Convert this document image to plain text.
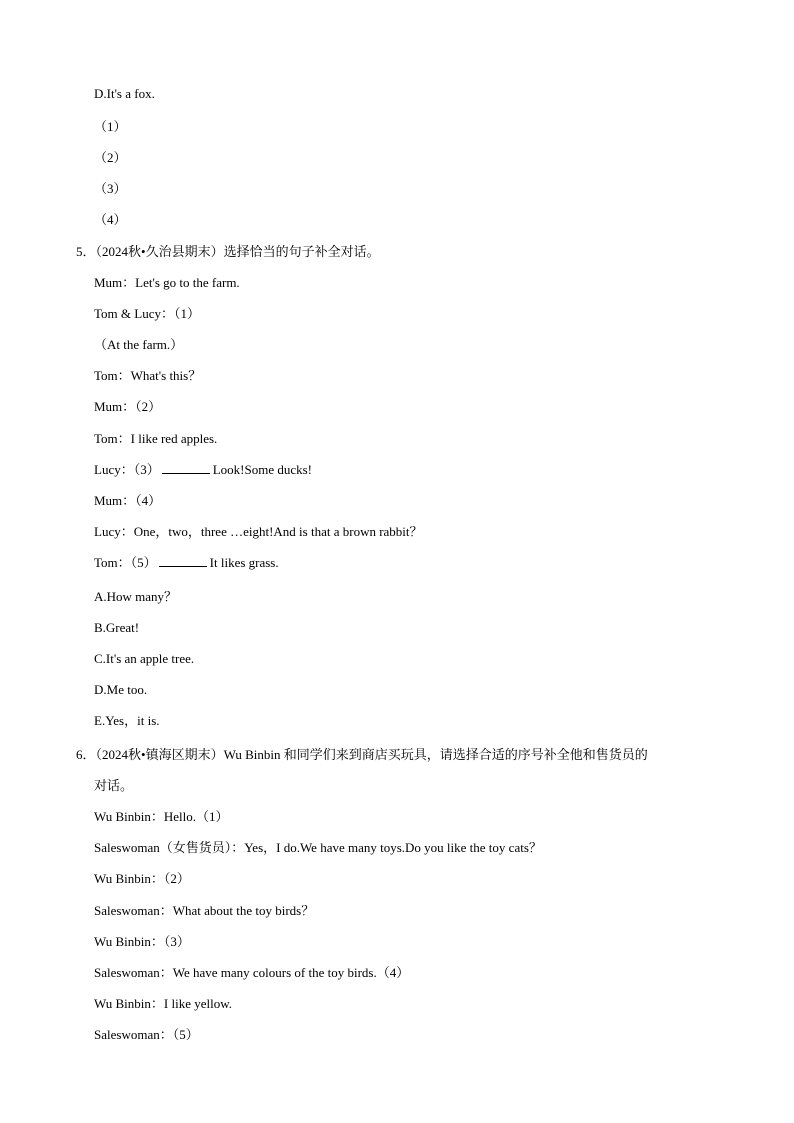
D.It's a fox.
（1）
（2）
（3）
（4）
5．（2024秋•久治县期末）选择恰当的句子补全对话。
Mum：Let's go to the farm.
Tom & Lucy：（1）
（At the farm.）
Tom：What's this？
Mum：（2）
Tom：I like red apples.
Lucy：（3）	Look!Some ducks!
Mum：（4）
Lucy：One，two，three …eight!And is that a brown rabbit？
Tom：（5）	It likes grass.
A.How many？
B.Great!
C.It's an apple tree.
D.Me too.
E.Yes，it is.
6．（2024秋•镇海区期末）Wu Binbin 和同学们来到商店买玩具，请选择合适的序号补全他和售货员的
对话。
Wu Binbin：Hello.（1）
Saleswoman（女售货员）：Yes，I do.We have many toys.Do you like the toy cats？
Wu Binbin：（2）
Saleswoman：What about the toy birds？
Wu Binbin：（3）
Saleswoman：We have many colours of the toy birds.（4）
Wu Binbin：I like yellow.
Saleswoman：（5）
